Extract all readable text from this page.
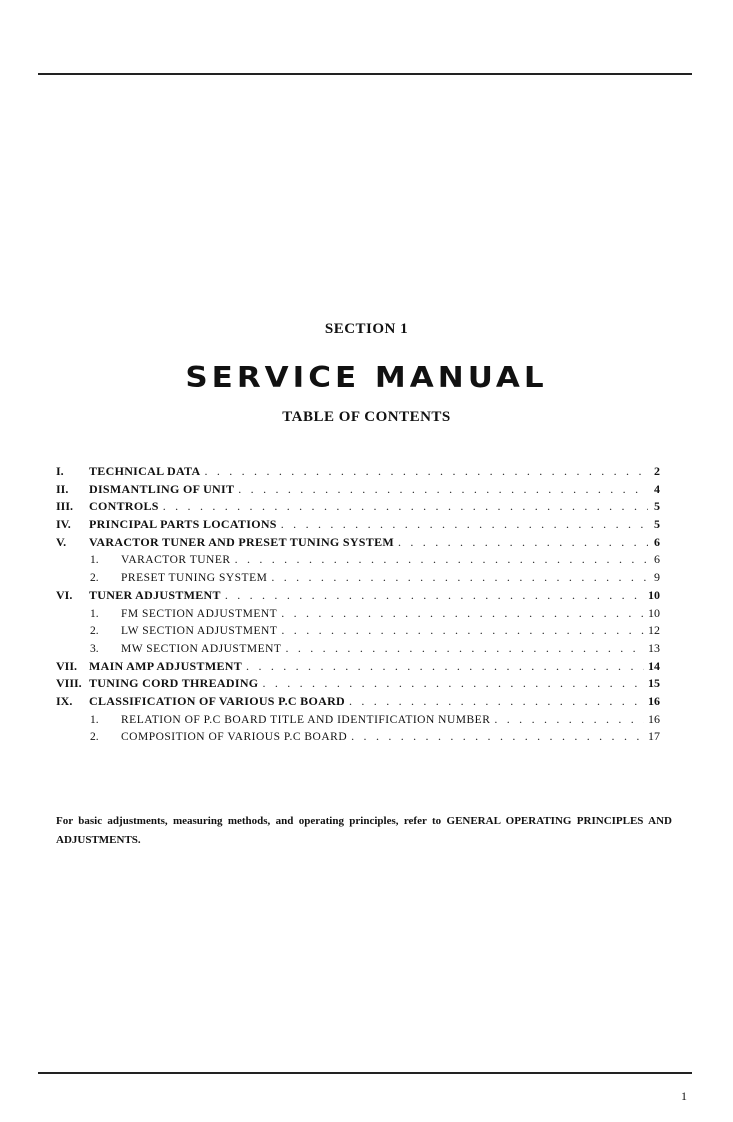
SECTION 1
SERVICE MANUAL
TABLE OF CONTENTS
I.	TECHNICAL DATA . . .	2
II.	DISMANTLING OF UNIT . . .	4
III.	CONTROLS . . .	5
IV.	PRINCIPAL PARTS LOCATIONS . . .	5
V.	VARACTOR TUNER AND PRESET TUNING SYSTEM . . .	6
1.	VARACTOR TUNER . . .	6
2.	PRESET TUNING SYSTEM . . .	9
VI.	TUNER ADJUSTMENT . . .	10
1.	FM SECTION ADJUSTMENT . . .	10
2.	LW SECTION ADJUSTMENT . . .	12
3.	MW SECTION ADJUSTMENT . . .	13
VII. MAIN AMP ADJUSTMENT . . .	14
VIII. TUNING CORD THREADING . . .	15
IX.	CLASSIFICATION OF VARIOUS P.C BOARD . . .	16
1.	RELATION OF P.C BOARD TITLE AND IDENTIFICATION NUMBER . . .	16
2.	COMPOSITION OF VARIOUS P.C BOARD . . .	17
For basic adjustments, measuring methods, and operating principles, refer to GENERAL OPERATING PRINCIPLES AND ADJUSTMENTS.
1
